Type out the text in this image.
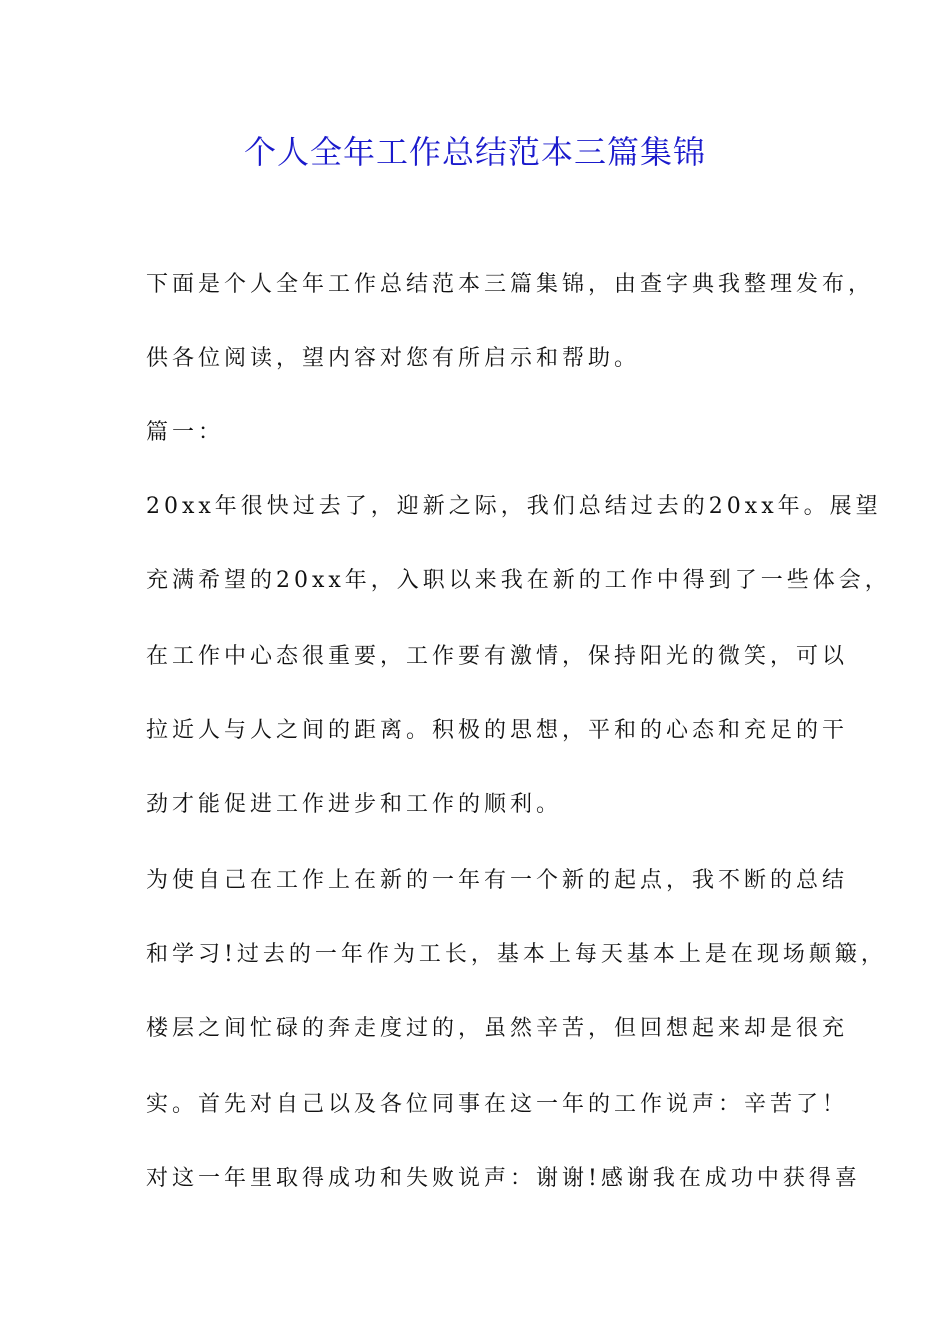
个人全年工作总结范本三篇集锦
下面是个人全年工作总结范本三篇集锦，由查字典我整理发布，
供各位阅读，望内容对您有所启示和帮助。
篇一：
20xx年很快过去了，迎新之际，我们总结过去的20xx年。展望
充满希望的20xx年，入职以来我在新的工作中得到了一些体会，
在工作中心态很重要，工作要有激情，保持阳光的微笑，可以
拉近人与人之间的距离。积极的思想，平和的心态和充足的干
劲才能促进工作进步和工作的顺利。
为使自己在工作上在新的一年有一个新的起点，我不断的总结
和学习!过去的一年作为工长，基本上每天基本上是在现场颠簸，
楼层之间忙碌的奔走度过的，虽然辛苦，但回想起来却是很充
实。首先对自己以及各位同事在这一年的工作说声：辛苦了！
对这一年里取得成功和失败说声：谢谢!感谢我在成功中获得喜
